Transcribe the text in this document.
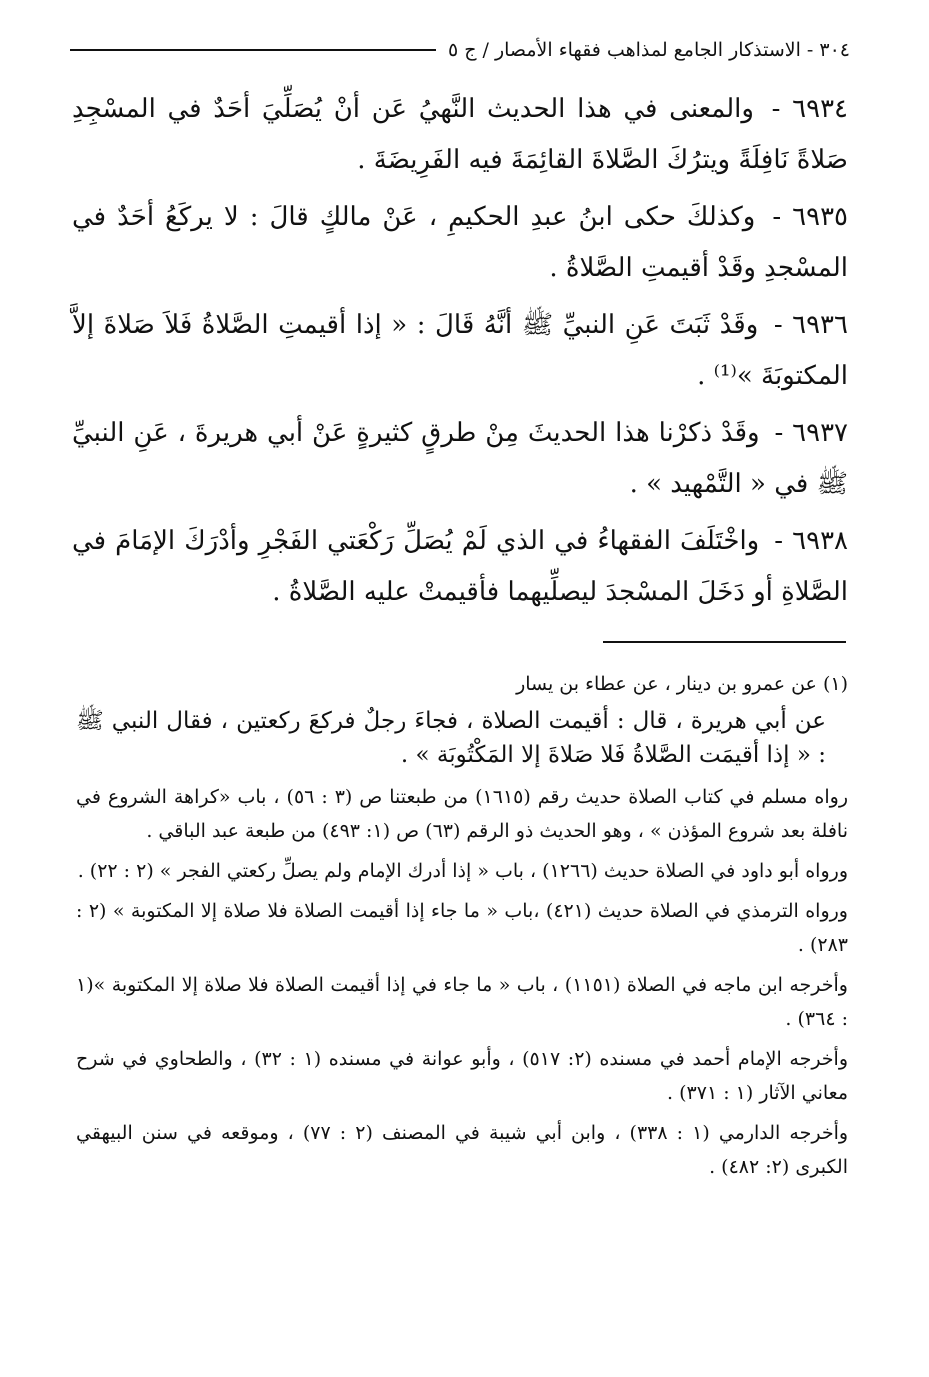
٣٠٤ - الاستذكار الجامع لمذاهب فقهاء الأمصار / ج ٥

٦٩٣٤ - والمعنى في هذا الحديث النَّهيُ عَن أنْ يُصَلِّيَ أحَدٌ في المسْجِدِ صَلاةً نَافِلَةً ويترُكَ الصَّلاةَ القائِمَةَ فيه الفَرِيضَةَ .

٦٩٣٥ - وكذلكَ حكى ابنُ عبدِ الحكيمِ ، عَنْ مالكٍ قالَ : لا يركَعُ أحَدٌ في المسْجدِ وقَدْ أقيمتِ الصَّلاةُ .

٦٩٣٦ - وقَدْ ثَبَتَ عَنِ النبيِّ ﷺ أنَّهُ قَالَ : « إذا أقيمتِ الصَّلاةُ فَلاَ صَلاةَ إلاَّ المكتوبَةَ »⁽¹⁾ .

٦٩٣٧ - وقَدْ ذكرْنا هذا الحديثَ مِنْ طرقٍ كثيرةٍ عَنْ أبي هريرةَ ، عَنِ النبيِّ ﷺ في « التَّمْهيد » .

٦٩٣٨ - واخْتَلَفَ الفقهاءُ في الذي لَمْ يُصَلِّ رَكْعَتي الفَجْرِ وأدْرَكَ الإمَامَ في الصَّلاةِ أو دَخَلَ المسْجدَ ليصلِّيهما فأقيمتْ عليه الصَّلاةُ .

(١) عن عمرو بن دينار ، عن عطاء بن يسار

عن أبي هريرة ، قال : أقيمت الصلاة ، فجاءَ رجلٌ فركعَ ركعتين ، فقال النبي ﷺ : « إذا أقيمَت الصَّلاةُ فَلا صَلاةَ إلا المَكْتُوبَة » .

رواه مسلم في كتاب الصلاة حديث رقم (١٦١٥) من طبعتنا ص (٣ : ٥٦) ، باب «كراهة الشروع في نافلة بعد شروع المؤذن » ، وهو الحديث ذو الرقم (٦٣) ص (١: ٤٩٣) من طبعة عبد الباقي .

ورواه أبو داود في الصلاة حديث (١٢٦٦) ، باب « إذا أدرك الإمام ولم يصلِّ ركعتي الفجر » (٢ : ٢٢) .

ورواه الترمذي في الصلاة حديث (٤٢١) ،باب « ما جاء إذا أقيمت الصلاة فلا صلاة إلا المكتوبة » (٢ : ٢٨٣) .

وأخرجه ابن ماجه في الصلاة (١١٥١) ، باب « ما جاء في إذا أقيمت الصلاة فلا صلاة إلا المكتوبة »(١ : ٣٦٤) .

وأخرجه الإمام أحمد في مسنده (٢: ٥١٧) ، وأبو عوانة في مسنده (١ : ٣٢) ، والطحاوي في شرح معاني الآثار (١ : ٣٧١) .

وأخرجه الدارمي (١ : ٣٣٨) ، وابن أبي شيبة في المصنف (٢ : ٧٧) ، وموقعه في سنن البيهقي الكبرى (٢: ٤٨٢) .
